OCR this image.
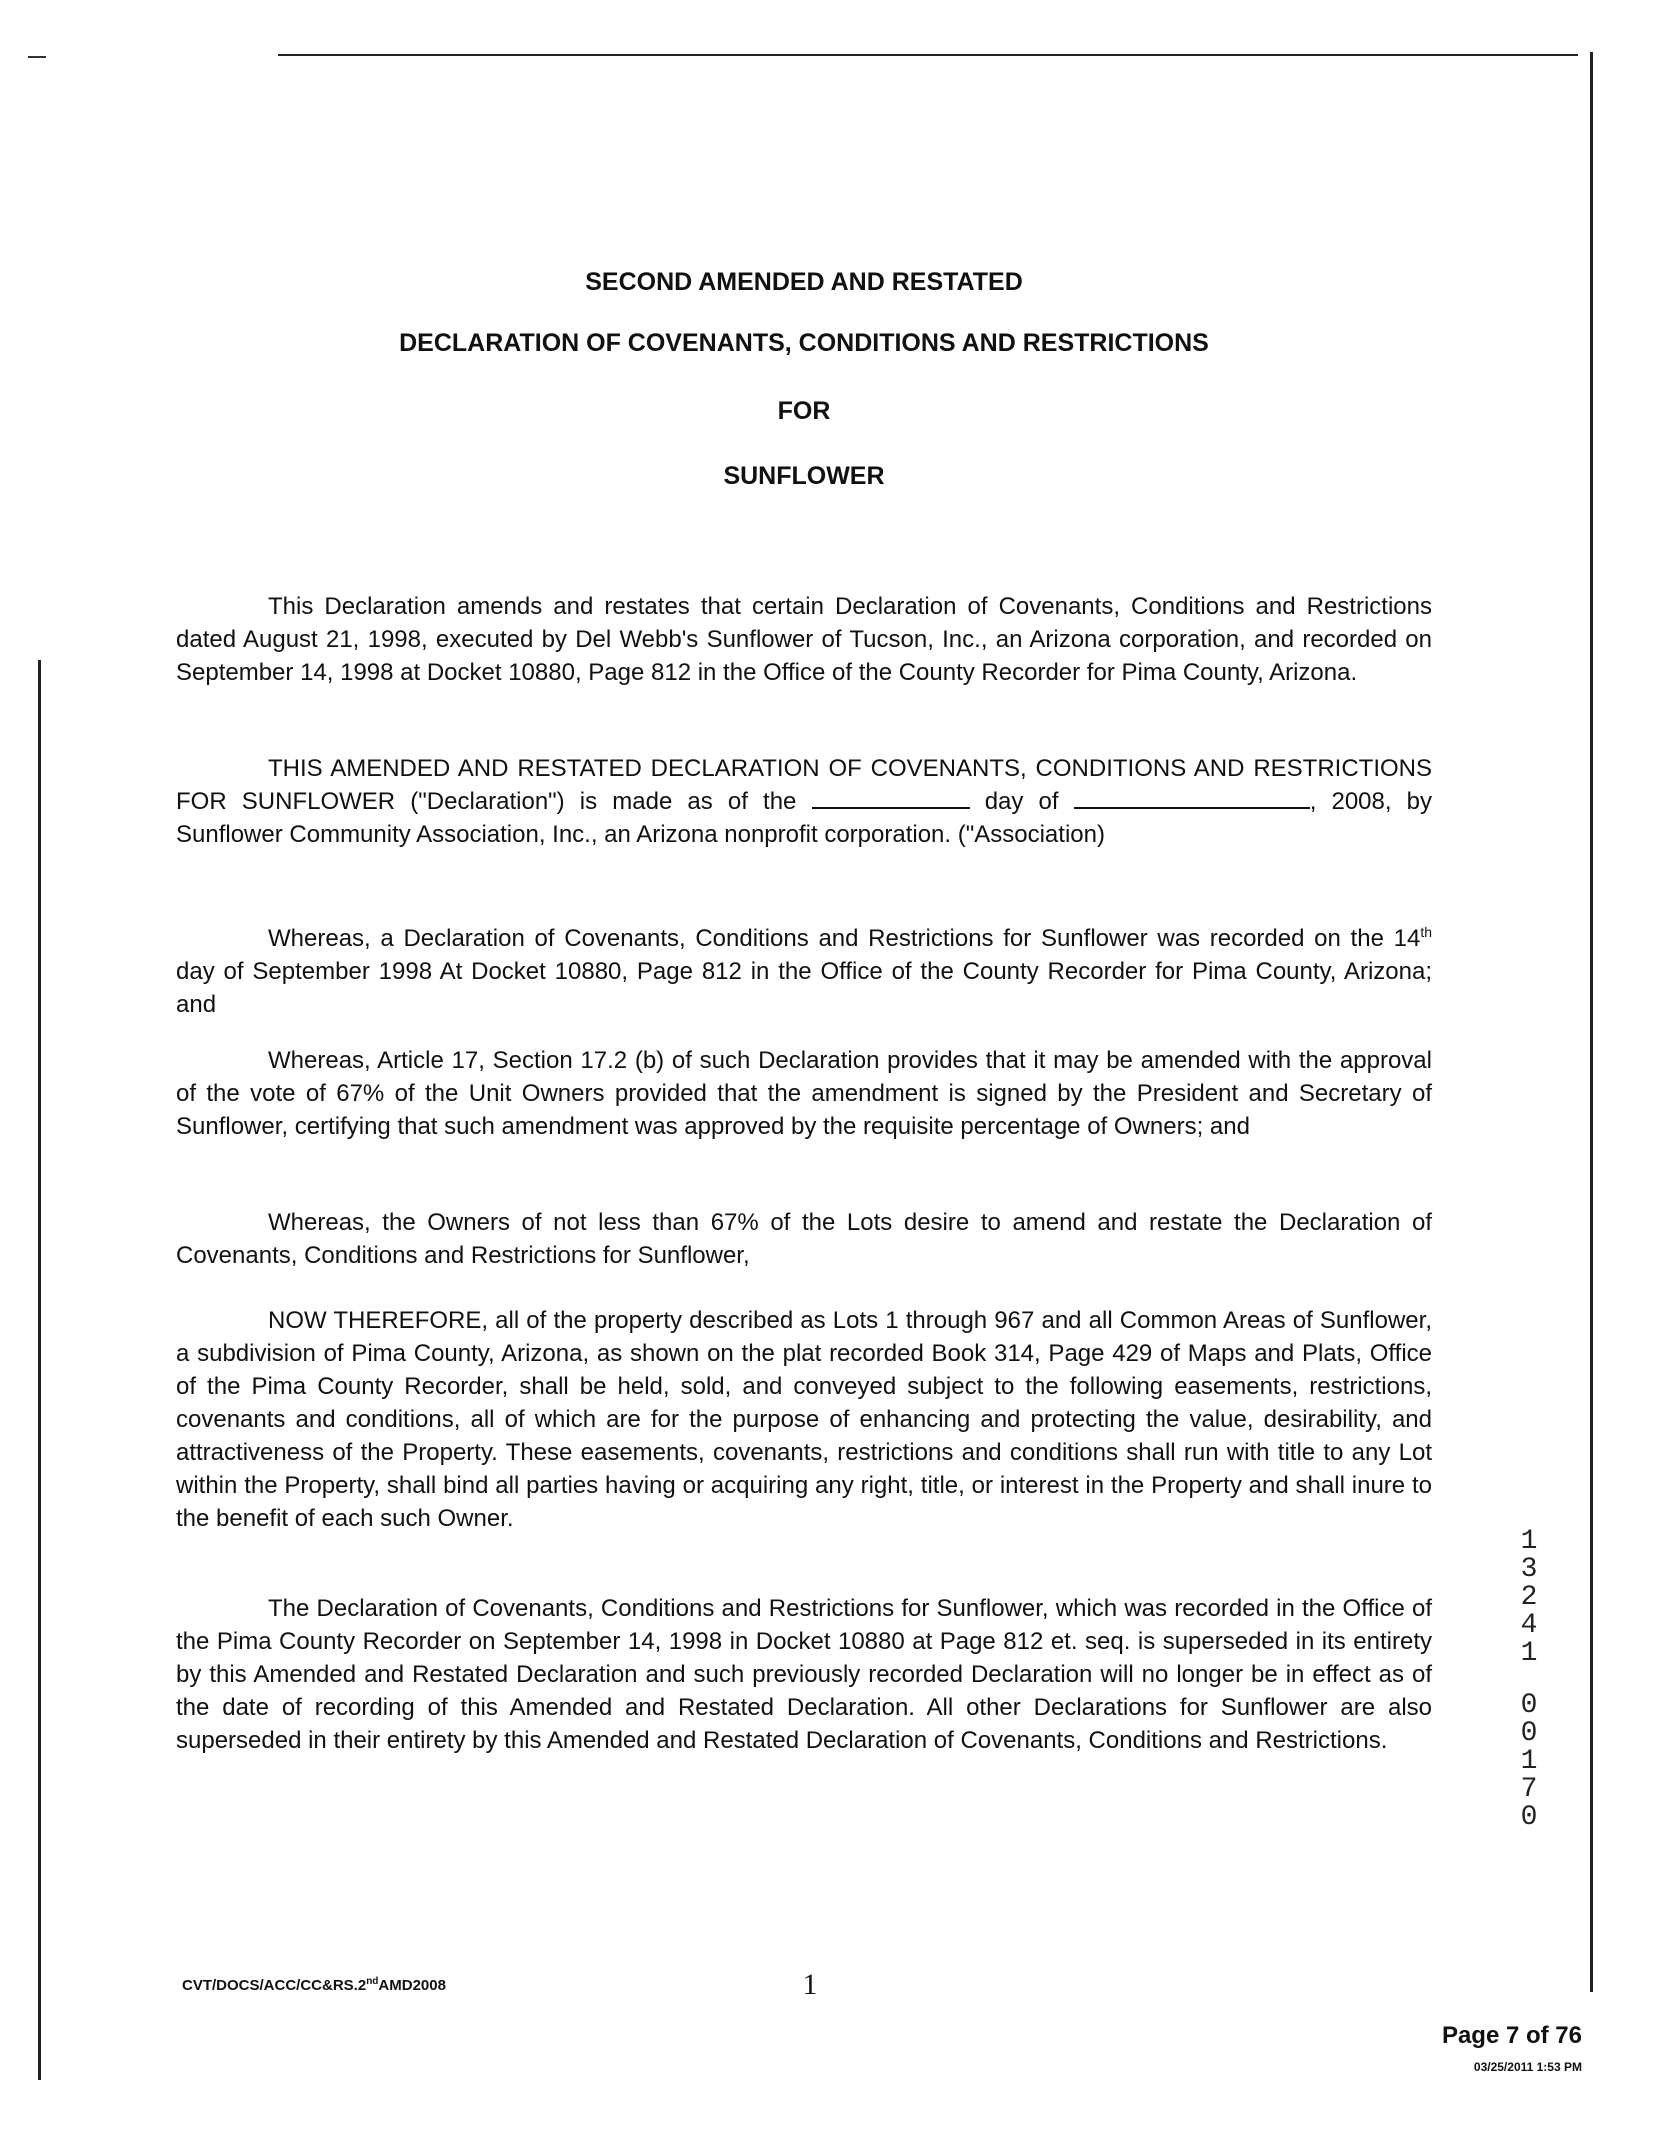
SECOND AMENDED AND RESTATED
DECLARATION OF COVENANTS, CONDITIONS AND RESTRICTIONS
FOR
SUNFLOWER

This Declaration amends and restates that certain Declaration of Covenants, Conditions and Restrictions dated August 21, 1998, executed by Del Webb's Sunflower of Tucson, Inc., an Arizona corporation, and recorded on September 14, 1998 at Docket 10880, Page 812 in the Office of the County Recorder for Pima County, Arizona.

THIS AMENDED AND RESTATED DECLARATION OF COVENANTS, CONDITIONS AND RESTRICTIONS FOR SUNFLOWER ("Declaration") is made as of the	day of	, 2008, by Sunflower Community Association, Inc., an Arizona nonprofit corporation. ("Association)

Whereas, a Declaration of Covenants, Conditions and Restrictions for Sunflower was recorded on the 14th day of September 1998 At Docket 10880, Page 812 in the Office of the County Recorder for Pima County, Arizona; and

Whereas, Article 17, Section 17.2 (b) of such Declaration provides that it may be amended with the approval of the vote of 67% of the Unit Owners provided that the amendment is signed by the President and Secretary of Sunflower, certifying that such amendment was approved by the requisite percentage of Owners; and

Whereas, the Owners of not less than 67% of the Lots desire to amend and restate the Declaration of Covenants, Conditions and Restrictions for Sunflower,

NOW THEREFORE, all of the property described as Lots 1 through 967 and all Common Areas of Sunflower, a subdivision of Pima County, Arizona, as shown on the plat recorded Book 314, Page 429 of Maps and Plats, Office of the Pima County Recorder, shall be held, sold, and conveyed subject to the following easements, restrictions, covenants and conditions, all of which are for the purpose of enhancing and protecting the value, desirability, and attractiveness of the Property. These easements, covenants, restrictions and conditions shall run with title to any Lot within the Property, shall bind all parties having or acquiring any right, title, or interest in the Property and shall inure to the benefit of each such Owner.

The Declaration of Covenants, Conditions and Restrictions for Sunflower, which was recorded in the Office of the Pima County Recorder on September 14, 1998 in Docket 10880 at Page 812 et. seq. is superseded in its entirety by this Amended and Restated Declaration and such previously recorded Declaration will no longer be in effect as of the date of recording of this Amended and Restated Declaration. All other Declarations for Sunflower are also superseded in their entirety by this Amended and Restated Declaration of Covenants, Conditions and Restrictions.

1
3
2
4
1
0
0
1
7
0
CVT/DOCS/ACC/CC&RS.2ndAMD2008	1
Page 7 of 76
03/25/2011 1:53 PM
